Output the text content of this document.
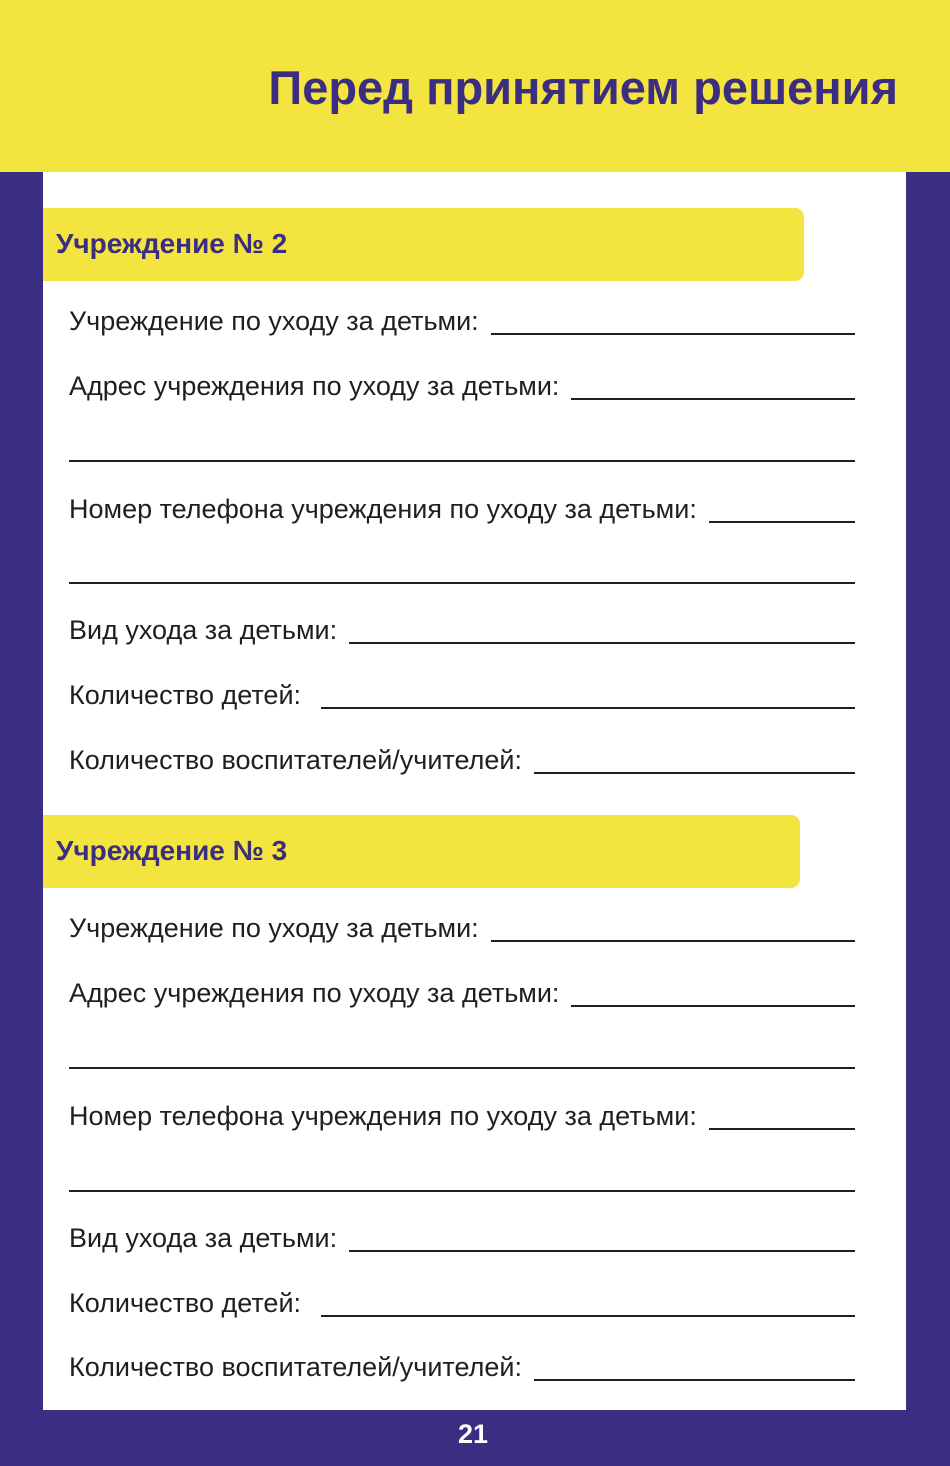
Перед принятием решения
Учреждение № 2
Учреждение по уходу за детьми:
Адрес учреждения по уходу за детьми:
Номер телефона учреждения по уходу за детьми:
Вид ухода за детьми:
Количество детей:
Количество воспитателей/учителей:
Учреждение № 3
Учреждение по уходу за детьми:
Адрес учреждения по уходу за детьми:
Номер телефона учреждения по уходу за детьми:
Вид ухода за детьми:
Количество детей:
Количество воспитателей/учителей:
21
